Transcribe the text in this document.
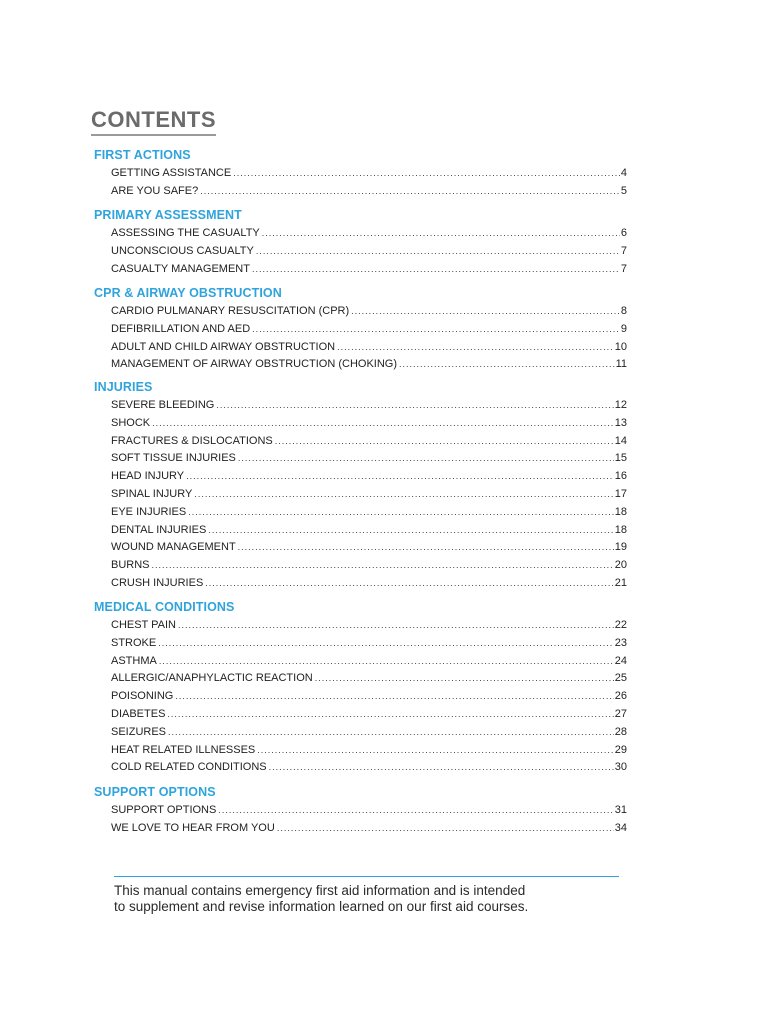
CONTENTS
FIRST ACTIONS
GETTING ASSISTANCE .....	4
ARE YOU SAFE? .....	5
PRIMARY ASSESSMENT
ASSESSING THE CASUALTY .....	6
UNCONSCIOUS CASUALTY .....	7
CASUALTY MANAGEMENT .....	7
CPR & AIRWAY OBSTRUCTION
CARDIO PULMANARY RESUSCITATION (CPR) .....	8
DEFIBRILLATION AND AED .....	9
ADULT AND CHILD AIRWAY OBSTRUCTION .....	10
MANAGEMENT OF AIRWAY OBSTRUCTION (CHOKING) .....	11
INJURIES
SEVERE BLEEDING .....	12
SHOCK .....	13
FRACTURES & DISLOCATIONS .....	14
SOFT TISSUE INJURIES .....	15
HEAD INJURY .....	16
SPINAL INJURY .....	17
EYE INJURIES .....	18
DENTAL INJURIES .....	18
WOUND MANAGEMENT .....	19
BURNS .....	20
CRUSH INJURIES .....	21
MEDICAL CONDITIONS
CHEST PAIN .....	22
STROKE .....	23
ASTHMA .....	24
ALLERGIC/ANAPHYLACTIC REACTION .....	25
POISONING .....	26
DIABETES .....	27
SEIZURES .....	28
HEAT RELATED ILLNESSES .....	29
COLD RELATED CONDITIONS .....	30
SUPPORT OPTIONS
SUPPORT OPTIONS .....	31
WE LOVE TO HEAR FROM YOU .....	34
This manual contains emergency first aid information and is intended
to supplement and revise information learned on our first aid courses.
